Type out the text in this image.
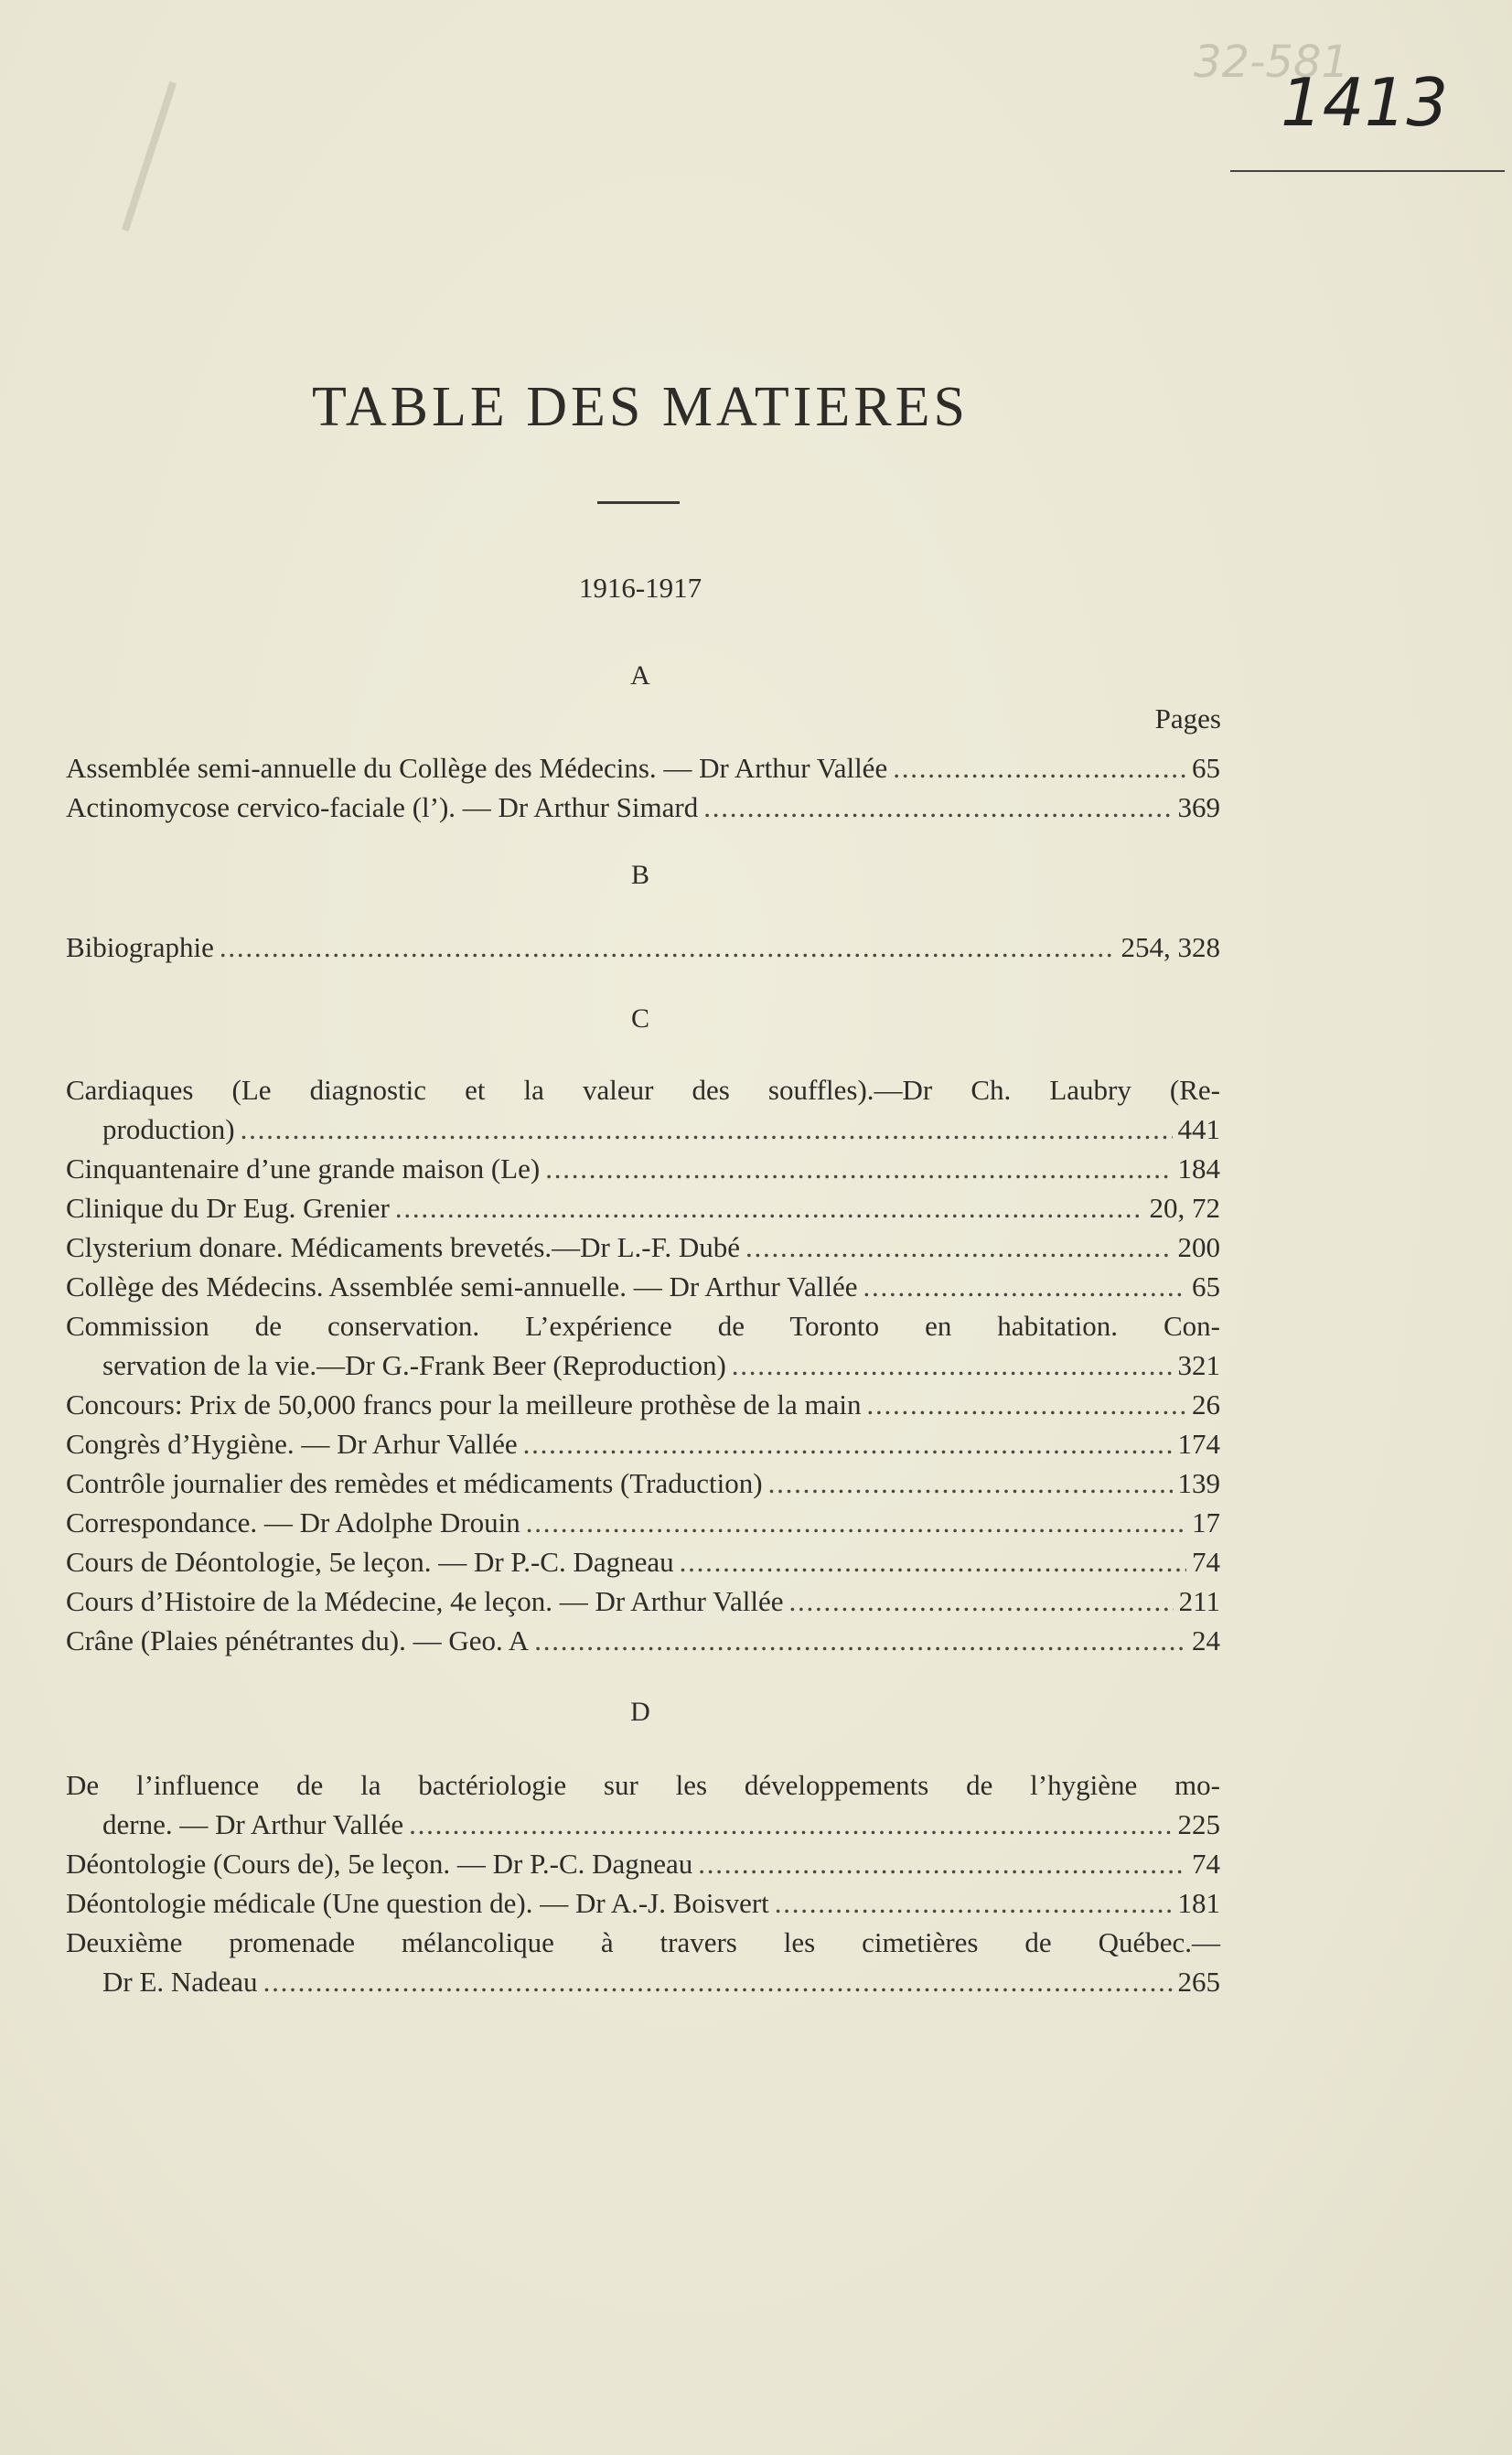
32-581
1413
TABLE DES MATIERES
1916-1917
A
Pages
Assemblée semi-annuelle du Collège des Médecins. — Dr Arthur Vallée . . .	65
Actinomycose cervico-faciale (l’). — Dr Arthur Simard . . .	369
B
Bibiographie . . .	254, 328
C
Cardiaques (Le diagnostic et la valeur des souffles).—Dr Ch. Laubry (Re-
production) . . .	441
Cinquantenaire d’une grande maison (Le) . . .	184
Clinique du Dr Eug. Grenier . . .	20, 72
Clysterium donare. Médicaments brevetés.—Dr L.-F. Dubé . . .	200
Collège des Médecins. Assemblée semi-annuelle. — Dr Arthur Vallée . . .	65
Commission de conservation. L’expérience de Toronto en habitation. Con-
servation de la vie.—Dr G.-Frank Beer (Reproduction) . . .	321
Concours: Prix de 50,000 francs pour la meilleure prothèse de la main . . .	26
Congrès d’Hygiène. — Dr Arhur Vallée . . .	174
Contrôle journalier des remèdes et médicaments (Traduction) . . .	139
Correspondance. — Dr Adolphe Drouin . . .	17
Cours de Déontologie, 5e leçon. — Dr P.-C. Dagneau . . .	74
Cours d’Histoire de la Médecine, 4e leçon. — Dr Arthur Vallée . . .	211
Crâne (Plaies pénétrantes du). — Geo. A . . .	24
D
De l’influence de la bactériologie sur les développements de l’hygiène mo-
derne. — Dr Arthur Vallée . . .	225
Déontologie (Cours de), 5e leçon. — Dr P.-C. Dagneau . . .	74
Déontologie médicale (Une question de). — Dr A.-J. Boisvert . . .	181
Deuxième promenade mélancolique à travers les cimetières de Québec.—
Dr E. Nadeau . . .	265
